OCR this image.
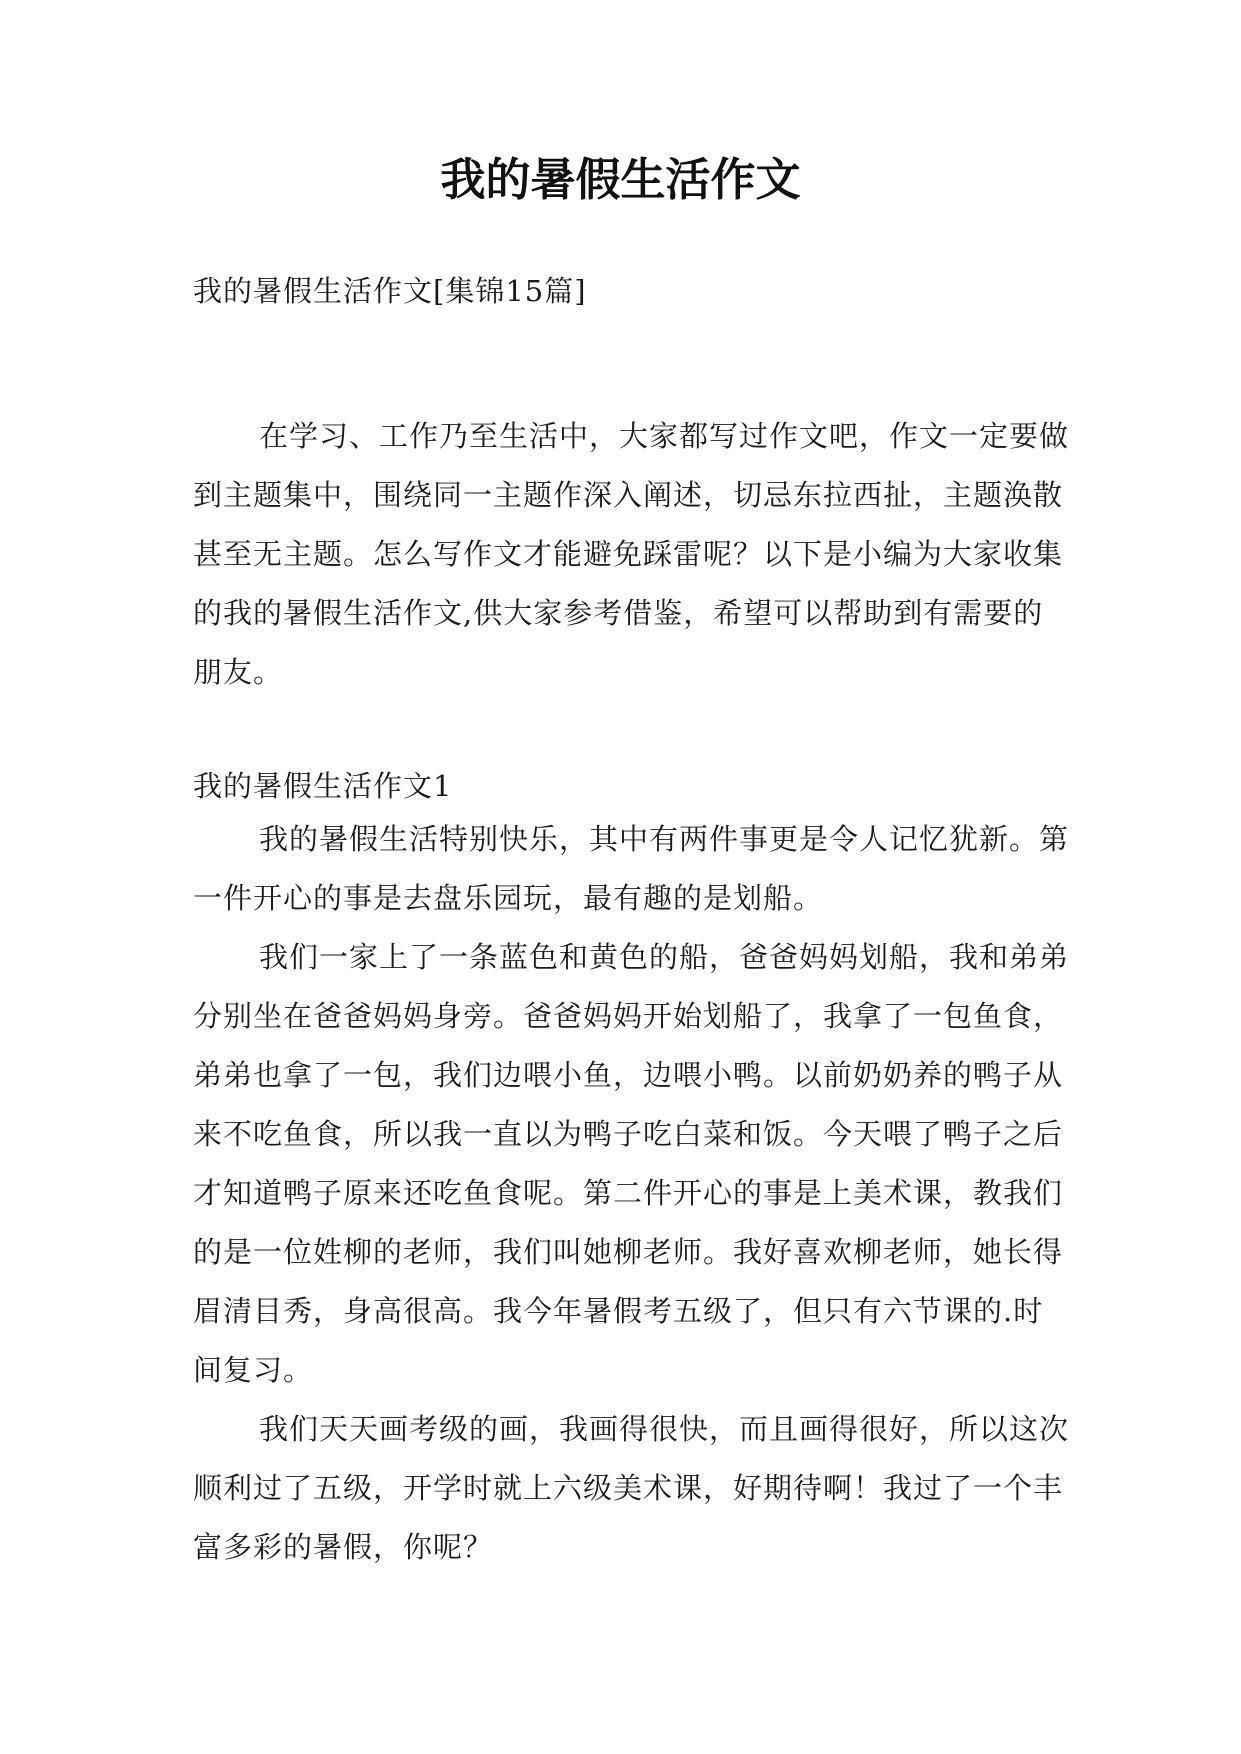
我的暑假生活作文
我的暑假生活作文[集锦15篇]

在学习、工作乃至生活中，大家都写过作文吧，作文一定要做到主题集中，围绕同一主题作深入阐述，切忌东拉西扯，主题涣散甚至无主题。怎么写作文才能避免踩雷呢？以下是小编为大家收集的我的暑假生活作文,供大家参考借鉴，希望可以帮助到有需要的朋友。

我的暑假生活作文1

我的暑假生活特别快乐，其中有两件事更是令人记忆犹新。第一件开心的事是去盘乐园玩，最有趣的是划船。

我们一家上了一条蓝色和黄色的船，爸爸妈妈划船，我和弟弟分别坐在爸爸妈妈身旁。爸爸妈妈开始划船了，我拿了一包鱼食，弟弟也拿了一包，我们边喂小鱼，边喂小鸭。以前奶奶养的鸭子从来不吃鱼食，所以我一直以为鸭子吃白菜和饭。今天喂了鸭子之后才知道鸭子原来还吃鱼食呢。第二件开心的事是上美术课，教我们的是一位姓柳的老师，我们叫她柳老师。我好喜欢柳老师，她长得眉清目秀，身高很高。我今年暑假考五级了，但只有六节课的.时间复习。

我们天天画考级的画，我画得很快，而且画得很好，所以这次顺利过了五级，开学时就上六级美术课，好期待啊！我过了一个丰富多彩的暑假，你呢？
